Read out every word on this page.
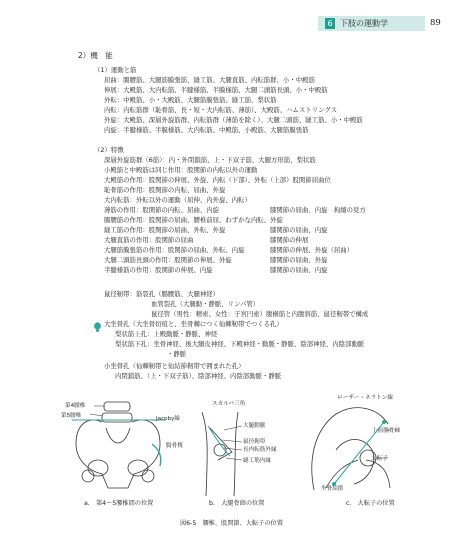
6 下肢の運動学	89
2）機　能
（1）運動と筋
屈曲：腸腰筋、大腿筋膜張筋、縫工筋、大腿直筋、内転筋群、小・中殿筋
伸展：大殿筋、大内転筋、半腱様筋、半膜様筋、大腿二頭筋長頭、小・中殿筋
外転：中殿筋、小・大殿筋、大腿筋膜張筋、縫工筋、梨状筋
内転：内転筋群（恥骨筋、長・短・大内転筋、薄筋）、大殿筋、ハムストリングス
外旋：大殿筋、深層外旋筋群、内転筋群（薄筋を除く）、大腿二頭筋、縫工筋、小・中殿筋
内旋：半腱様筋、半膜様筋、大内転筋、中殿筋、小殿筋、大腿筋膜張筋
（2）特徴
深層外旋筋群（6筋）：内・外閉鎖筋、上・下双子筋、大腿方形筋、梨状筋
小殿筋と中殿筋は同じ作用：股関節の内転以外の運動
大殿筋の作用：股関節の伸展、外旋、内転（下部）、外転（上部）股関節屈曲位
恥骨筋の作用：股関節の内転、屈曲、外旋
大内転筋：外転以外の運動（屈伸、内外旋、内転）
薄筋の作用：股関節の内転、屈曲、内旋	膝関節の屈曲、内旋　拘縮の見方
腸腰筋の作用：股関節の屈曲、腰椎前屈、わずかな内転、外旋
縫工筋の作用：股関節の屈曲、外転、外旋	膝関節の屈曲、内旋
大腿直筋の作用：股関節の屈曲	膝関節の伸展
大腿筋膜張筋の作用：股関節の屈曲、外転、内旋	膝関節の伸展、外旋（屈曲）
大腿二頭筋長頭の作用：股関節の伸展、外旋	膝関節の屈曲、外旋
半腱様筋の作用：股関節の伸展、内旋	膝関節の屈曲、内旋
鼠径靭帯：筋裂孔（腸腰筋、大腿神経）
血管裂孔（大腿動・静脈、リンパ管）
鼠径管（男性：精索、女性：子宮円索）腹横筋と内腹斜筋、鼠径靭帯で構成
大坐骨孔（大坐骨切痕と、坐骨棘につく仙棘靭帯でつくる孔）
梨状筋上孔：上殿動脈・静脈、神経
梨状筋下孔：坐骨神経、後大腿皮神経、下殿神経・動脈・静脈、陰部神経、内陰部動脈
・静脈
小坐骨孔（仙棘靭帯と仙結節靭帯で囲まれた孔）
内閉鎖筋、（上・下双子筋）、陰部神経、内陰部動脈・静脈
第4腰椎
第5腰椎	Jacoby線
腸骨稜
a.　第4〜5腰椎間の位置
スカルパ三角
大腿動脈
鼠径靭帯
長内転筋外縁
縫工筋内縁
b.　大腿骨頭の位置
ローザー・ネラトン線
上前腸骨棘
大転子
坐骨結節
c.　大転子の位置
図6-5　腰椎、股関節、大転子の位置
